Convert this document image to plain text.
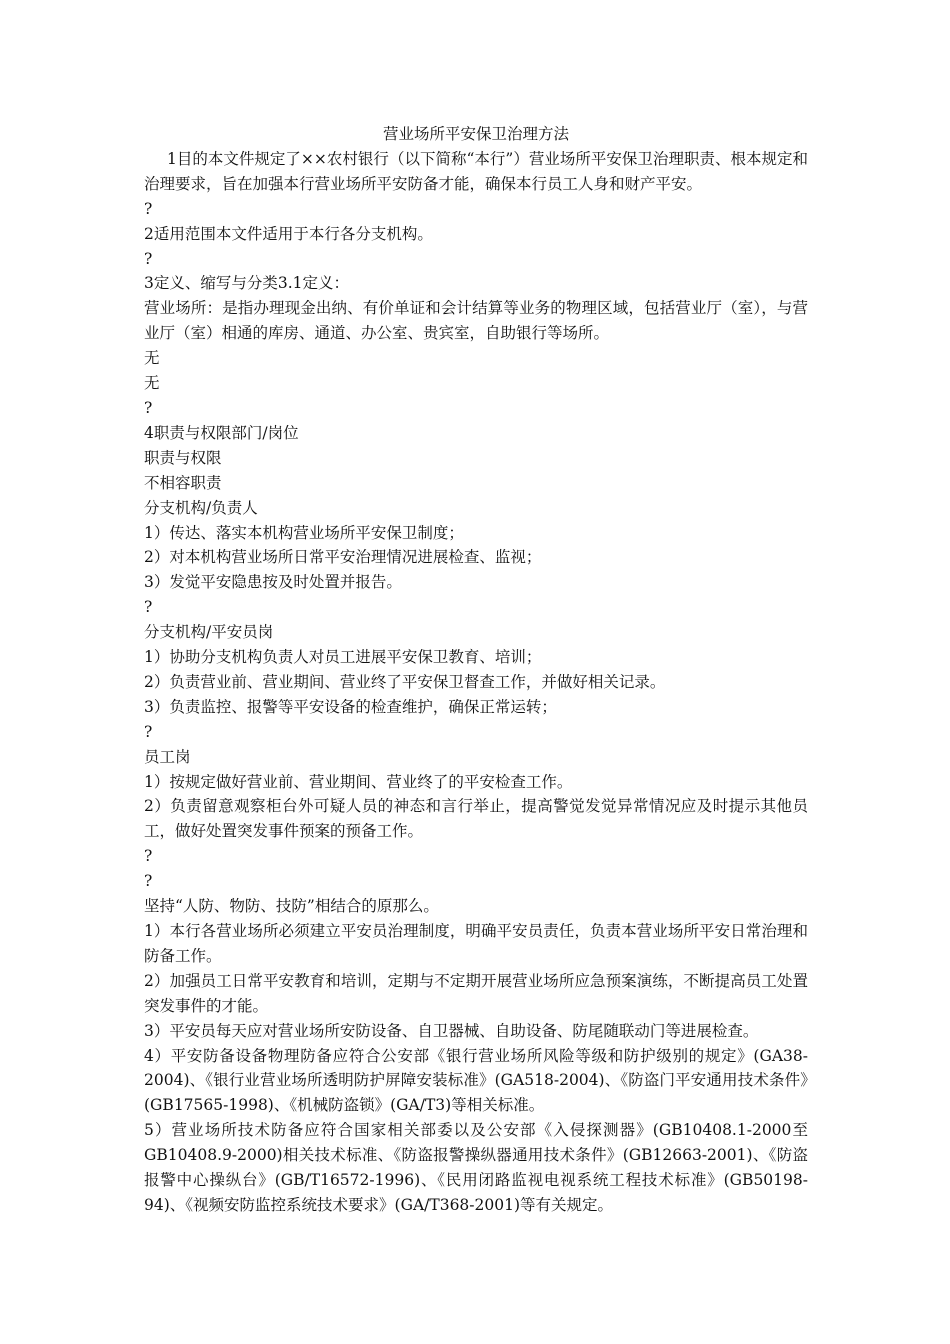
营业场所平安保卫治理方法

1目的本文件规定了××农村银行（以下简称“本行”）营业场所平安保卫治理职责、根本规定和治理要求，旨在加强本行营业场所平安防备才能，确保本行员工人身和财产平安。

?

2适用范围本文件适用于本行各分支机构。

?

3定义、缩写与分类3.1定义：

营业场所：是指办理现金出纳、有价单证和会计结算等业务的物理区域，包括营业厅（室），与营业厅（室）相通的库房、通道、办公室、贵宾室，自助银行等场所。

无

无

?

4职责与权限部门/岗位

职责与权限

不相容职责

分支机构/负责人

1）传达、落实本机构营业场所平安保卫制度；

2）对本机构营业场所日常平安治理情况进展检查、监视；

3）发觉平安隐患按及时处置并报告。

?

分支机构/平安员岗

1）协助分支机构负责人对员工进展平安保卫教育、培训；

2）负责营业前、营业期间、营业终了平安保卫督查工作，并做好相关记录。

3）负责监控、报警等平安设备的检查维护，确保正常运转；

?

员工岗

1）按规定做好营业前、营业期间、营业终了的平安检查工作。

2）负责留意观察柜台外可疑人员的神态和言行举止，提高警觉发觉异常情况应及时提示其他员工，做好处置突发事件预案的预备工作。

?

?

坚持“人防、物防、技防”相结合的原那么。

1）本行各营业场所必须建立平安员治理制度，明确平安员责任，负责本营业场所平安日常治理和防备工作。

2）加强员工日常平安教育和培训，定期与不定期开展营业场所应急预案演练，不断提高员工处置突发事件的才能。

3）平安员每天应对营业场所安防设备、自卫器械、自助设备、防尾随联动门等进展检查。

4）平安防备设备物理防备应符合公安部《银行营业场所风险等级和防护级别的规定》(GA38-2004)、《银行业营业场所透明防护屏障安装标准》(GA518-2004)、《防盗门平安通用技术条件》(GB17565-1998)、《机械防盗锁》(GA/T3)等相关标准。

5）营业场所技术防备应符合国家相关部委以及公安部《入侵探测器》(GB10408.1-2000至GB10408.9-2000)相关技术标准、《防盗报警操纵器通用技术条件》(GB12663-2001)、《防盗报警中心操纵台》(GB/T16572-1996)、《民用闭路监视电视系统工程技术标准》(GB50198-94)、《视频安防监控系统技术要求》(GA/T368-2001)等有关规定。
